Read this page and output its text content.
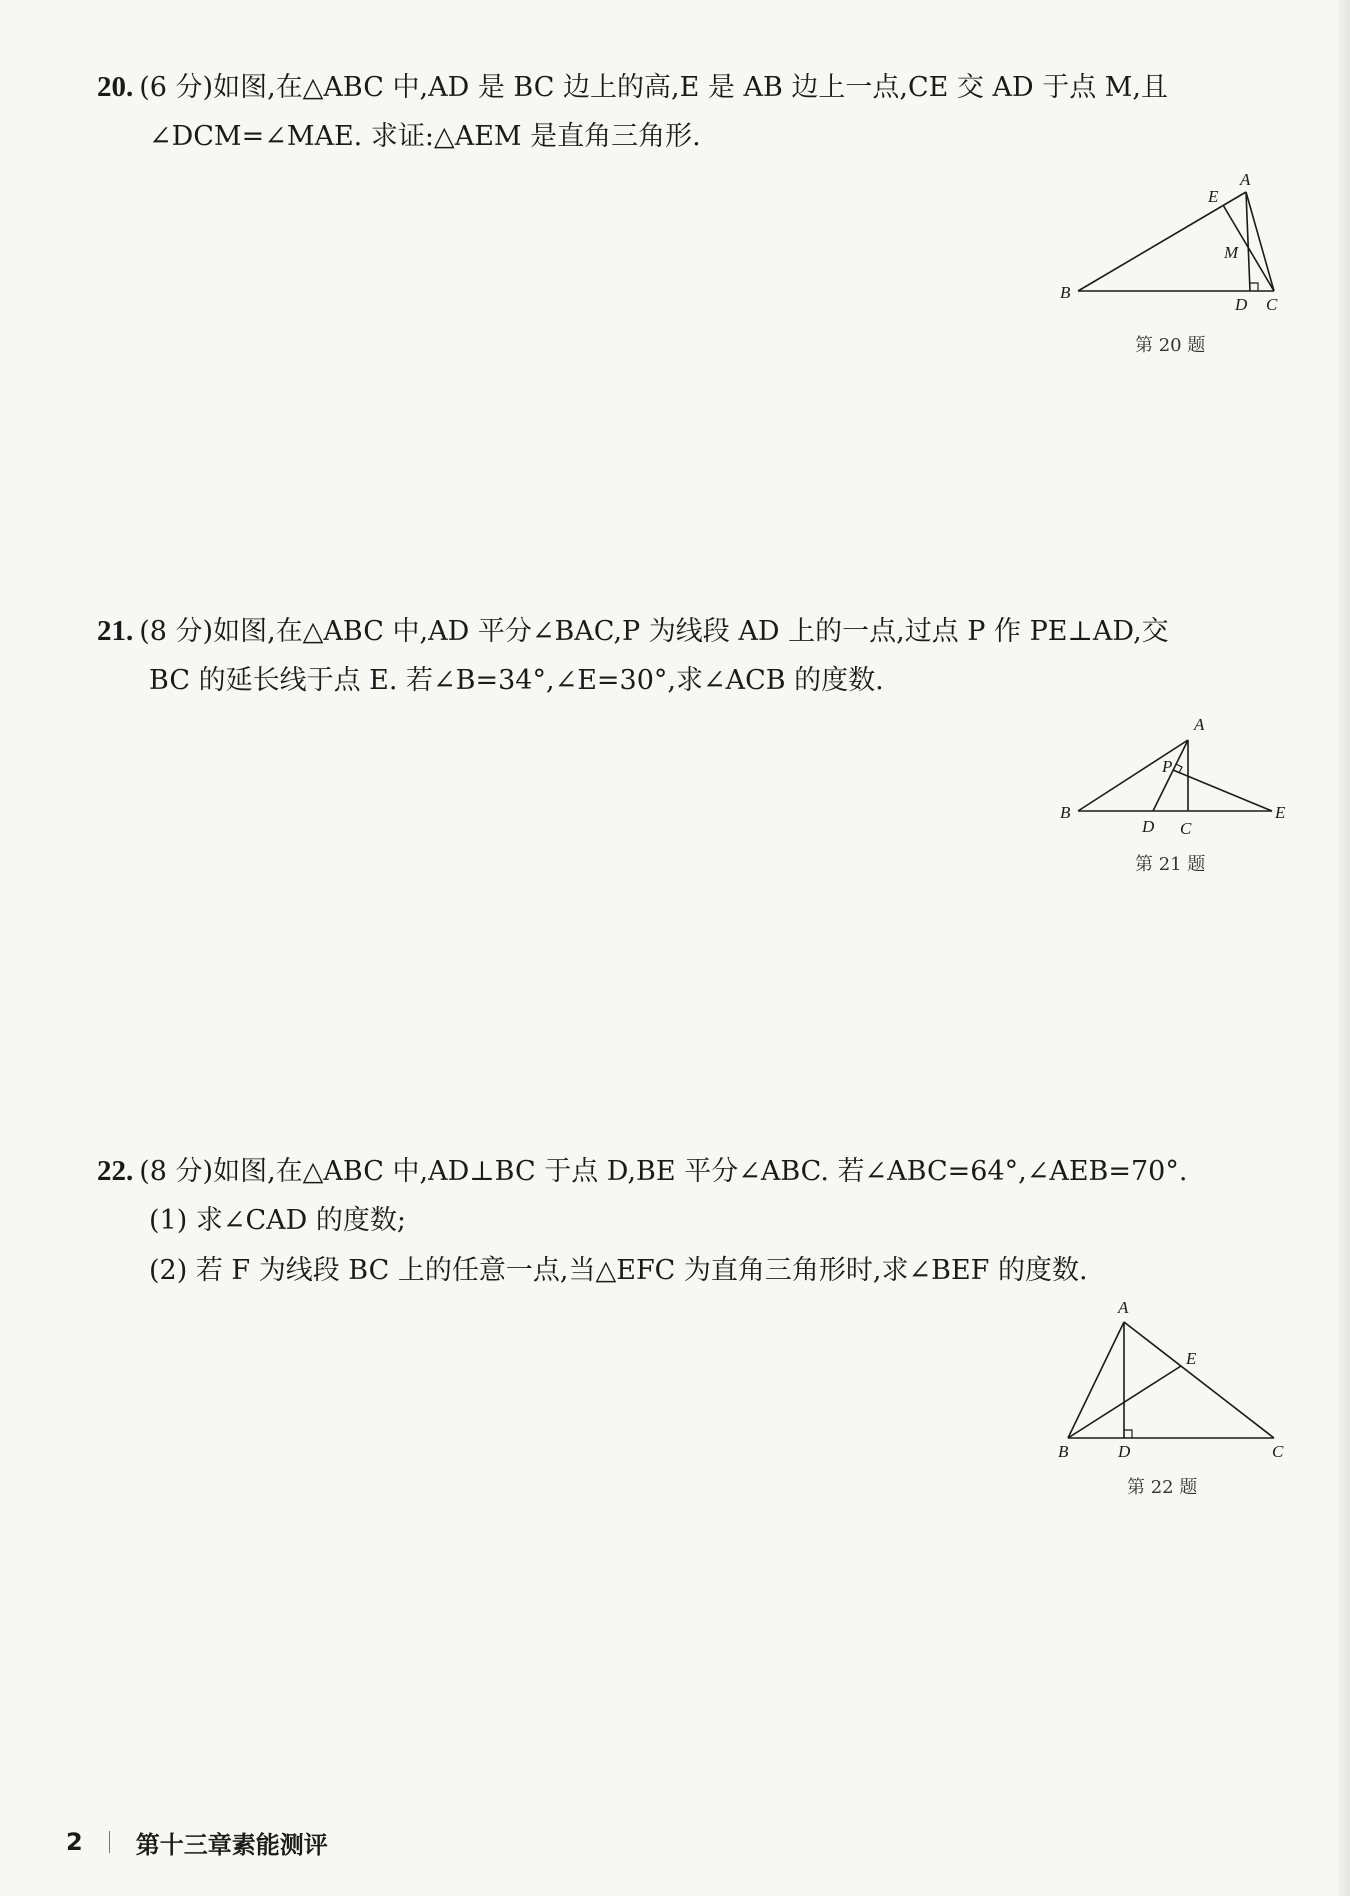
20. (6 分)如图,在△ABC 中,AD 是 BC 边上的高,E 是 AB 边上一点,CE 交 AD 于点 M,且
∠DCM=∠MAE. 求证:△AEM 是直角三角形.
A
E
M
B
D C
第 20 题
21. (8 分)如图,在△ABC 中,AD 平分∠BAC,P 为线段 AD 上的一点,过点 P 作 PE⊥AD,交
BC 的延长线于点 E. 若∠B=34°,∠E=30°,求∠ACB 的度数.
A
P
B
D C
E
第 21 题
22. (8 分)如图,在△ABC 中,AD⊥BC 于点 D,BE 平分∠ABC. 若∠ABC=64°,∠AEB=70°.
(1) 求∠CAD 的度数;
(2) 若 F 为线段 BC 上的任意一点,当△EFC 为直角三角形时,求∠BEF 的度数.
A
E
B	D	C
第 22 题
2 第十三章素能测评
